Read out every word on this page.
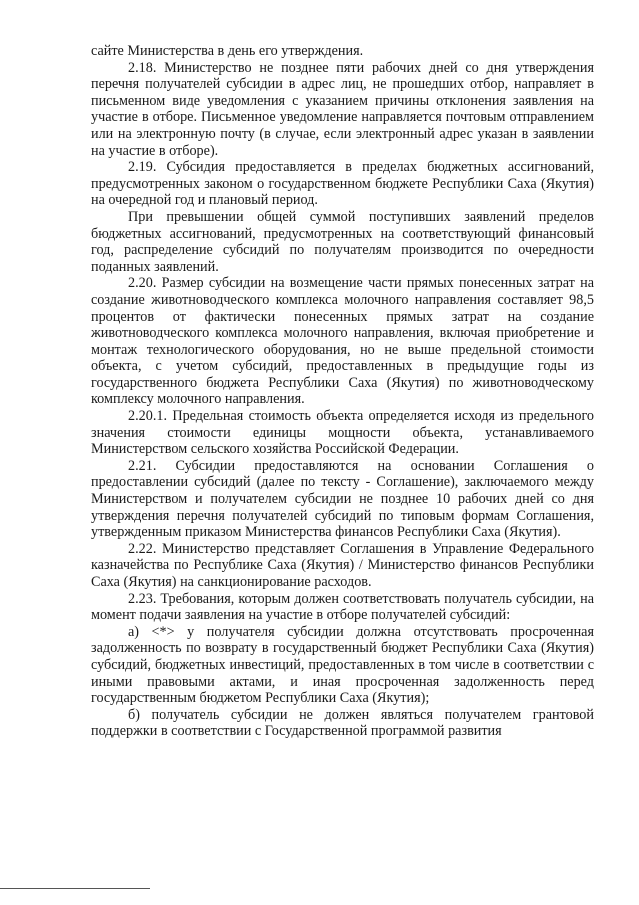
сайте Министерства в день его утверждения.

2.18. Министерство не позднее пяти рабочих дней со дня утверждения перечня получателей субсидии в адрес лиц, не прошедших отбор, направляет в письменном виде уведомления с указанием причины отклонения заявления на участие в отборе. Письменное уведомление направляется почтовым отправлением или на электронную почту (в случае, если электронный адрес указан в заявлении на участие в отборе).

2.19. Субсидия предоставляется в пределах бюджетных ассигнований, предусмотренных законом о государственном бюджете Республики Саха (Якутия) на очередной год и плановый период.

При превышении общей суммой поступивших заявлений пределов бюджетных ассигнований, предусмотренных на соответствующий финансовый год, распределение субсидий по получателям производится по очередности поданных заявлений.

2.20. Размер субсидии на возмещение части прямых понесенных затрат на создание животноводческого комплекса молочного направления составляет 98,5 процентов от фактически понесенных прямых затрат на создание животноводческого комплекса молочного направления, включая приобретение и монтаж технологического оборудования, но не выше предельной стоимости объекта, с учетом субсидий, предоставленных в предыдущие годы из государственного бюджета Республики Саха (Якутия) по животноводческому комплексу молочного направления.

2.20.1. Предельная стоимость объекта определяется исходя из предельного значения стоимости единицы мощности объекта, устанавливаемого Министерством сельского хозяйства Российской Федерации.

2.21. Субсидии предоставляются на основании Соглашения о предоставлении субсидий (далее по тексту - Соглашение), заключаемого между Министерством и получателем субсидии не позднее 10 рабочих дней со дня утверждения перечня получателей субсидий по типовым формам Соглашения, утвержденным приказом Министерства финансов Республики Саха (Якутия).

2.22. Министерство представляет Соглашения в Управление Федерального казначейства по Республике Саха (Якутия) / Министерство финансов Республики Саха (Якутия) на санкционирование расходов.

2.23. Требования, которым должен соответствовать получатель субсидии, на момент подачи заявления на участие в отборе получателей субсидий:

а) <*> у получателя субсидии должна отсутствовать просроченная задолженность по возврату в государственный бюджет Республики Саха (Якутия) субсидий, бюджетных инвестиций, предоставленных в том числе в соответствии с иными правовыми актами, и иная просроченная задолженность перед государственным бюджетом Республики Саха (Якутия);

б) получатель субсидии не должен являться получателем грантовой поддержки в соответствии с Государственной программой развития
